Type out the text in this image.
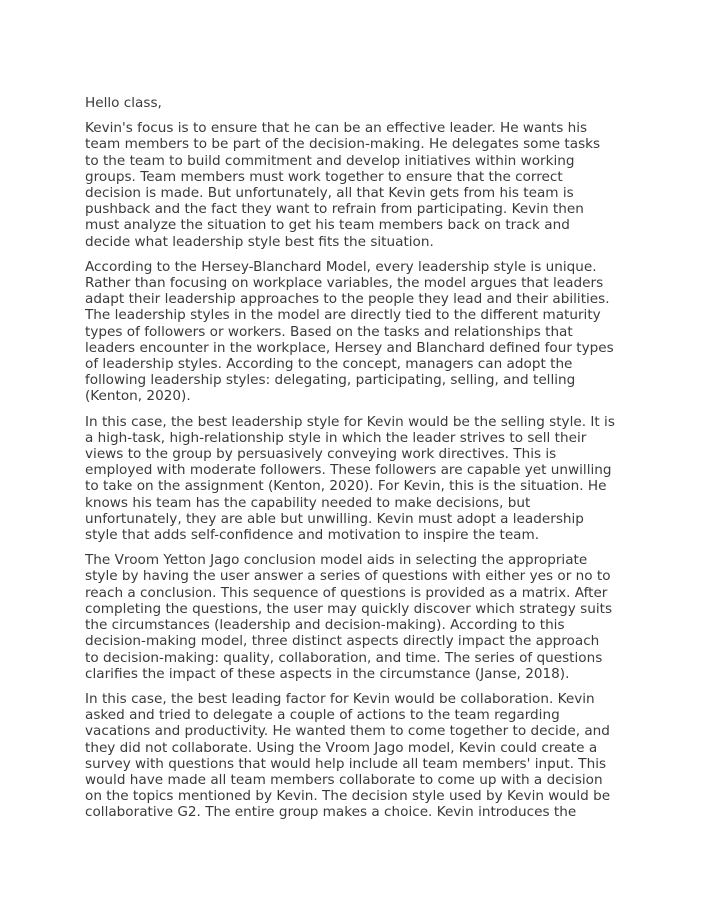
Hello class,

Kevin's focus is to ensure that he can be an effective leader. He wants his
team members to be part of the decision-making. He delegates some tasks
to the team to build commitment and develop initiatives within working
groups. Team members must work together to ensure that the correct
decision is made. But unfortunately, all that Kevin gets from his team is
pushback and the fact they want to refrain from participating. Kevin then
must analyze the situation to get his team members back on track and
decide what leadership style best fits the situation.

According to the Hersey-Blanchard Model, every leadership style is unique.
Rather than focusing on workplace variables, the model argues that leaders
adapt their leadership approaches to the people they lead and their abilities.
The leadership styles in the model are directly tied to the different maturity
types of followers or workers. Based on the tasks and relationships that
leaders encounter in the workplace, Hersey and Blanchard defined four types
of leadership styles. According to the concept, managers can adopt the
following leadership styles: delegating, participating, selling, and telling
(Kenton, 2020).

In this case, the best leadership style for Kevin would be the selling style. It is
a high-task, high-relationship style in which the leader strives to sell their
views to the group by persuasively conveying work directives. This is
employed with moderate followers. These followers are capable yet unwilling
to take on the assignment (Kenton, 2020). For Kevin, this is the situation. He
knows his team has the capability needed to make decisions, but
unfortunately, they are able but unwilling. Kevin must adopt a leadership
style that adds self-confidence and motivation to inspire the team.

The Vroom Yetton Jago conclusion model aids in selecting the appropriate
style by having the user answer a series of questions with either yes or no to
reach a conclusion. This sequence of questions is provided as a matrix. After
completing the questions, the user may quickly discover which strategy suits
the circumstances (leadership and decision-making). According to this
decision-making model, three distinct aspects directly impact the approach
to decision-making: quality, collaboration, and time. The series of questions
clarifies the impact of these aspects in the circumstance (Janse, 2018).

In this case, the best leading factor for Kevin would be collaboration. Kevin
asked and tried to delegate a couple of actions to the team regarding
vacations and productivity. He wanted them to come together to decide, and
they did not collaborate. Using the Vroom Jago model, Kevin could create a
survey with questions that would help include all team members' input. This
would have made all team members collaborate to come up with a decision
on the topics mentioned by Kevin. The decision style used by Kevin would be
collaborative G2. The entire group makes a choice. Kevin introduces the
